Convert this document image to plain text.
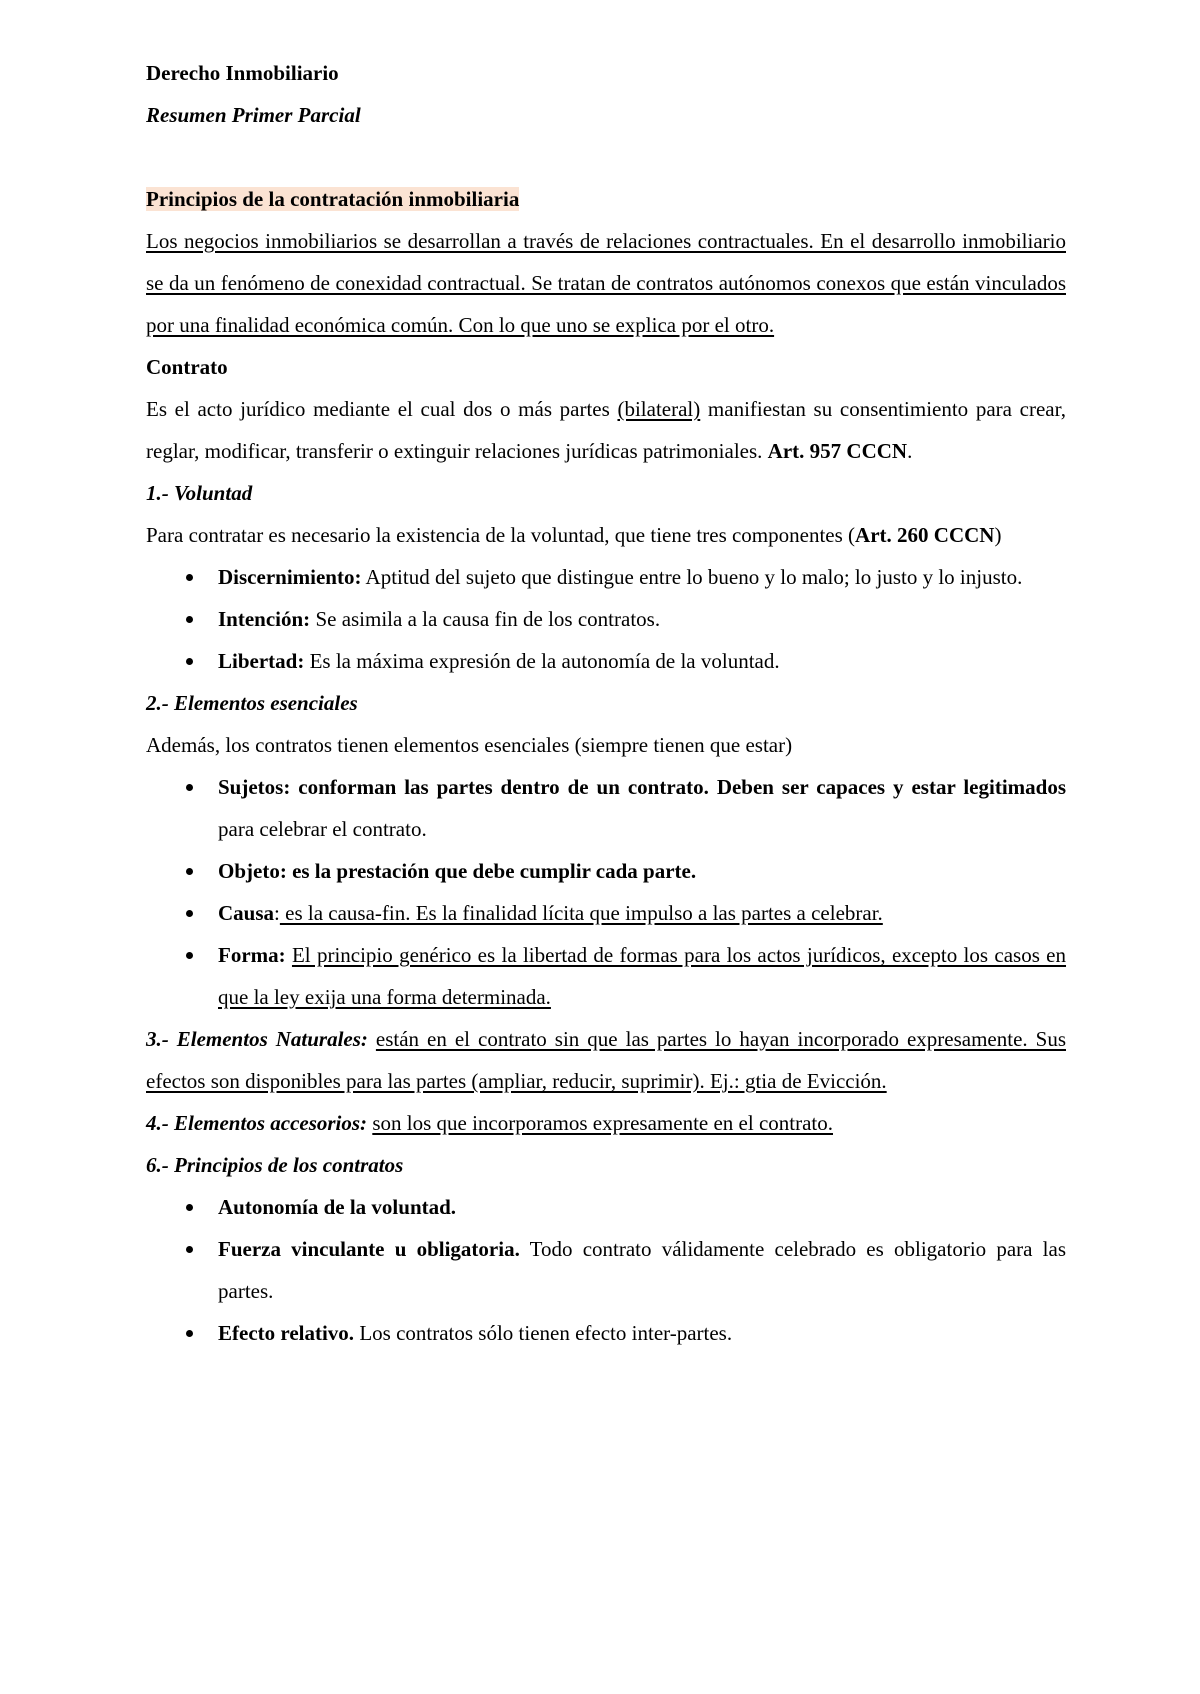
Derecho Inmobiliario

Resumen Primer Parcial

Principios de la contratación inmobiliaria

Los negocios inmobiliarios se desarrollan a través de relaciones contractuales. En el desarrollo inmobiliario se da un fenómeno de conexidad contractual. Se tratan de contratos autónomos conexos que están vinculados por una finalidad económica común. Con lo que uno se explica por el otro.

Contrato

Es el acto jurídico mediante el cual dos o más partes (bilateral) manifiestan su consentimiento para crear, reglar, modificar, transferir o extinguir relaciones jurídicas patrimoniales. Art. 957 CCCN.

1.- Voluntad

Para contratar es necesario la existencia de la voluntad, que tiene tres componentes (Art. 260 CCCN)

Discernimiento: Aptitud del sujeto que distingue entre lo bueno y lo malo; lo justo y lo injusto.
Intención: Se asimila a la causa fin de los contratos.
Libertad: Es la máxima expresión de la autonomía de la voluntad.

2.- Elementos esenciales

Además, los contratos tienen elementos esenciales (siempre tienen que estar)

Sujetos: conforman las partes dentro de un contrato. Deben ser capaces y estar legitimados para celebrar el contrato.
Objeto: es la prestación que debe cumplir cada parte.
Causa: es la causa-fin. Es la finalidad lícita que impulso a las partes a celebrar.
Forma: El principio genérico es la libertad de formas para los actos jurídicos, excepto los casos en que la ley exija una forma determinada.

3.- Elementos Naturales: están en el contrato sin que las partes lo hayan incorporado expresamente. Sus efectos son disponibles para las partes (ampliar, reducir, suprimir). Ej.: gtia de Evicción.

4.- Elementos accesorios: son los que incorporamos expresamente en el contrato.

6.- Principios de los contratos

Autonomía de la voluntad.
Fuerza vinculante u obligatoria. Todo contrato válidamente celebrado es obligatorio para las partes.
Efecto relativo. Los contratos sólo tienen efecto inter-partes.
